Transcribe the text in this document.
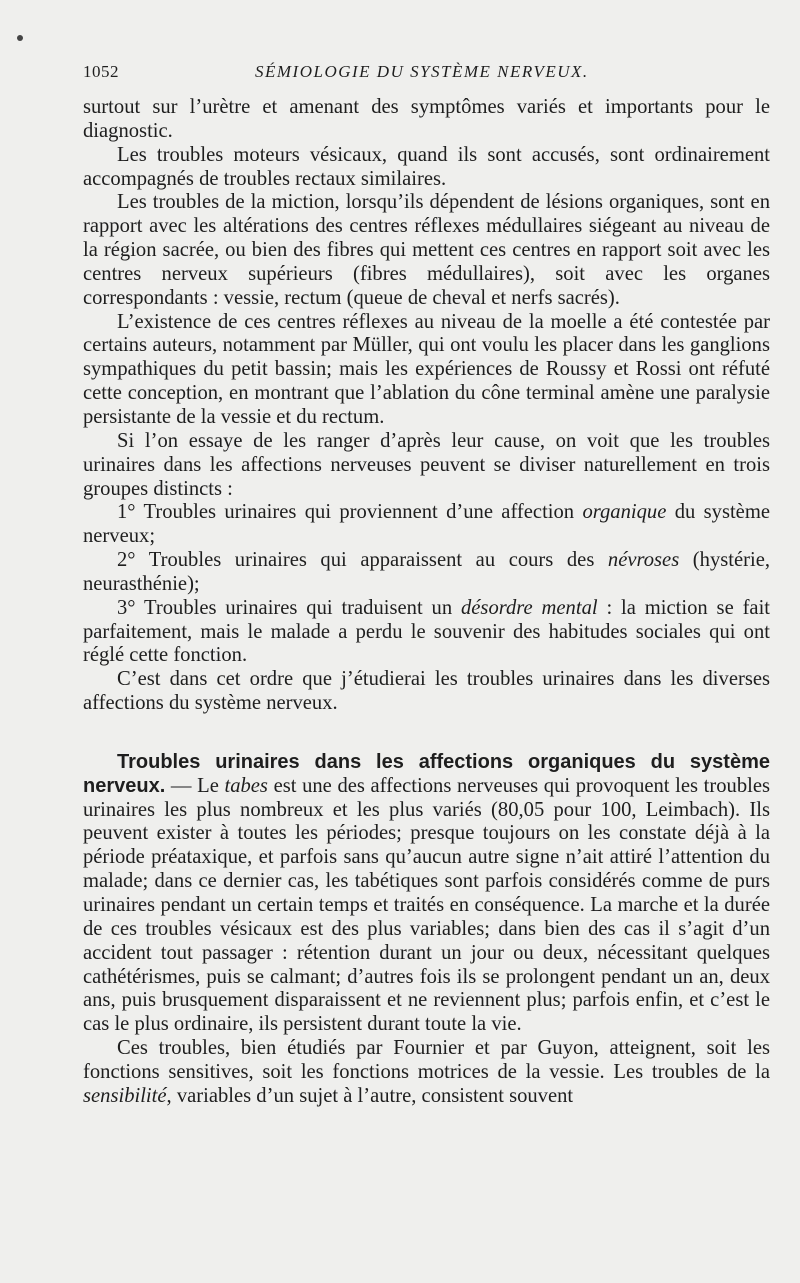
1052	SÉMIOLOGIE DU SYSTÈME NERVEUX.

surtout sur l’urètre et amenant des symptômes variés et importants pour le diagnostic.

Les troubles moteurs vésicaux, quand ils sont accusés, sont ordinairement accompagnés de troubles rectaux similaires.

Les troubles de la miction, lorsqu’ils dépendent de lésions organiques, sont en rapport avec les altérations des centres réflexes médullaires siégeant au niveau de la région sacrée, ou bien des fibres qui mettent ces centres en rapport soit avec les centres nerveux supérieurs (fibres médullaires), soit avec les organes correspondants : vessie, rectum (queue de cheval et nerfs sacrés).

L’existence de ces centres réflexes au niveau de la moelle a été contestée par certains auteurs, notamment par Müller, qui ont voulu les placer dans les ganglions sympathiques du petit bassin; mais les expériences de Roussy et Rossi ont réfuté cette conception, en montrant que l’ablation du cône terminal amène une paralysie persistante de la vessie et du rectum.

Si l’on essaye de les ranger d’après leur cause, on voit que les troubles urinaires dans les affections nerveuses peuvent se diviser naturellement en trois groupes distincts :

1° Troubles urinaires qui proviennent d’une affection organique du système nerveux;

2° Troubles urinaires qui apparaissent au cours des névroses (hystérie, neurasthénie);

3° Troubles urinaires qui traduisent un désordre mental : la miction se fait parfaitement, mais le malade a perdu le souvenir des habitudes sociales qui ont réglé cette fonction.

C’est dans cet ordre que j’étudierai les troubles urinaires dans les diverses affections du système nerveux.

Troubles urinaires dans les affections organiques du système nerveux. — Le tabes est une des affections nerveuses qui provoquent les troubles urinaires les plus nombreux et les plus variés (80,05 pour 100, Leimbach). Ils peuvent exister à toutes les périodes; presque toujours on les constate déjà à la période préataxique, et parfois sans qu’aucun autre signe n’ait attiré l’attention du malade; dans ce dernier cas, les tabétiques sont parfois considérés comme de purs urinaires pendant un certain temps et traités en conséquence. La marche et la durée de ces troubles vésicaux est des plus variables; dans bien des cas il s’agit d’un accident tout passager : rétention durant un jour ou deux, nécessitant quelques cathétérismes, puis se calmant; d’autres fois ils se prolongent pendant un an, deux ans, puis brusquement disparaissent et ne reviennent plus; parfois enfin, et c’est le cas le plus ordinaire, ils persistent durant toute la vie.

Ces troubles, bien étudiés par Fournier et par Guyon, atteignent, soit les fonctions sensitives, soit les fonctions motrices de la vessie. Les troubles de la sensibilité, variables d’un sujet à l’autre, consistent souvent
